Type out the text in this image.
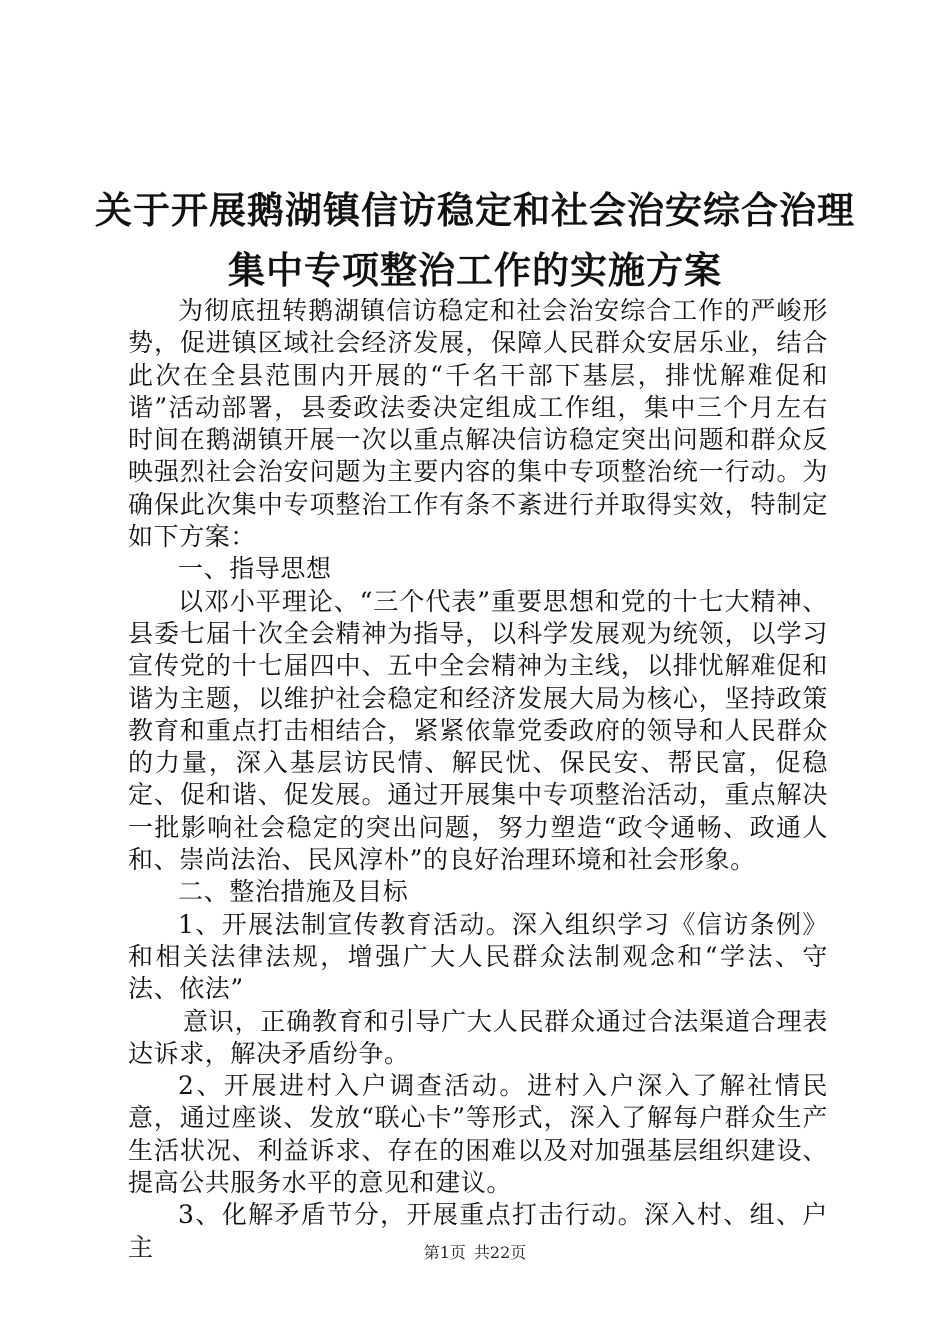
关于开展鹅湖镇信访稳定和社会治安综合治理
集中专项整治工作的实施方案

为彻底扭转鹅湖镇信访稳定和社会治安综合工作的严峻形势，促进镇区域社会经济发展，保障人民群众安居乐业，结合此次在全县范围内开展的“千名干部下基层，排忧解难促和谐”活动部署，县委政法委决定组成工作组，集中三个月左右时间在鹅湖镇开展一次以重点解决信访稳定突出问题和群众反映强烈社会治安问题为主要内容的集中专项整治统一行动。为确保此次集中专项整治工作有条不紊进行并取得实效，特制定如下方案：

一、指导思想

以邓小平理论、“三个代表”重要思想和党的十七大精神、县委七届十次全会精神为指导，以科学发展观为统领，以学习宣传党的十七届四中、五中全会精神为主线，以排忧解难促和谐为主题，以维护社会稳定和经济发展大局为核心，坚持政策教育和重点打击相结合，紧紧依靠党委政府的领导和人民群众的力量，深入基层访民情、解民忧、保民安、帮民富，促稳定、促和谐、促发展。通过开展集中专项整治活动，重点解决一批影响社会稳定的突出问题，努力塑造“政令通畅、政通人和、崇尚法治、民风淳朴”的良好治理环境和社会形象。

二、整治措施及目标

1、开展法制宣传教育活动。深入组织学习《信访条例》和相关法律法规，增强广大人民群众法制观念和“学法、守法、依法”

意识，正确教育和引导广大人民群众通过合法渠道合理表达诉求，解决矛盾纷争。

2、开展进村入户调查活动。进村入户深入了解社情民意，通过座谈、发放“联心卡”等形式，深入了解每户群众生产生活状况、利益诉求、存在的困难以及对加强基层组织建设、提高公共服务水平的意见和建议。

3、化解矛盾节分，开展重点打击行动。深入村、组、户主	第1页 共22页
